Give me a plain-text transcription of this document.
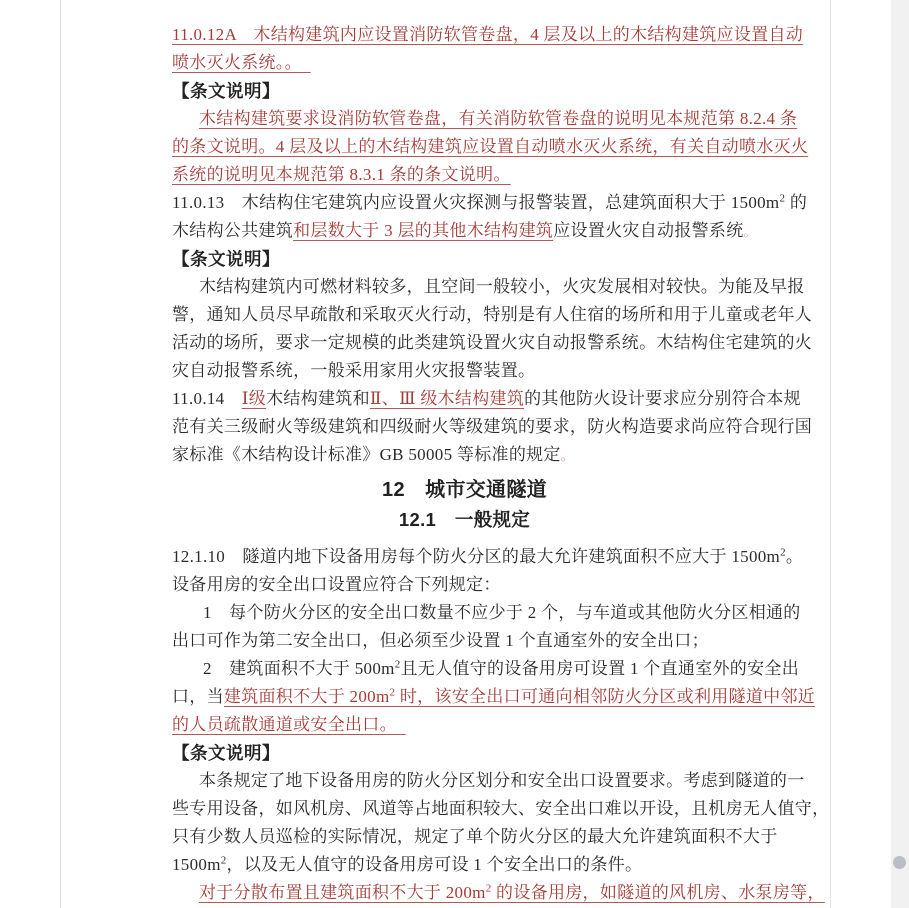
11.0.12A　木结构建筑内应设置消防软管卷盘，4 层及以上的木结构建筑应设置自动
喷水灭火系统。。　
【条文说明】
木结构建筑要求设消防软管卷盘，有关消防软管卷盘的说明见本规范第 8.2.4 条
的条文说明。4 层及以上的木结构建筑应设置自动喷水灭火系统，有关自动喷水灭火
系统的说明见本规范第 8.3.1 条的条文说明。
11.0.13　木结构住宅建筑内应设置火灾探测与报警装置，总建筑面积大于 $1500m^2$ 的
木结构公共建筑和层数大于 3 层的其他木结构建筑应设置火灾自动报警系统。
【条文说明】
木结构建筑内可燃材料较多，且空间一般较小，火灾发展相对较快。为能及早报
警，通知人员尽早疏散和采取灭火行动，特别是有人住宿的场所和用于儿童或老年人
活动的场所，要求一定规模的此类建筑设置火灾自动报警系统。木结构住宅建筑的火
灾自动报警系统，一般采用家用火灾报警装置。
11.0.14　Ⅰ级木结构建筑和Ⅱ、Ⅲ 级木结构建筑的其他防火设计要求应分别符合本规
范有关三级耐火等级建筑和四级耐火等级建筑的要求，防火构造要求尚应符合现行国
家标准《木结构设计标准》GB 50005 等标准的规定。
12　城市交通隧道
12.1　一般规定
12.1.10　隧道内地下设备用房每个防火分区的最大允许建筑面积不应大于 $1500m^2$。
设备用房的安全出口设置应符合下列规定：
1　每个防火分区的安全出口数量不应少于 2 个，与车道或其他防火分区相通的
出口可作为第二安全出口，但必须至少设置 1 个直通室外的安全出口；
2　建筑面积不大于 $500m^2$且无人值守的设备用房可设置 1 个直通室外的安全出
口，当建筑面积不大于 $200m^2$ 时，该安全出口可通向相邻防火分区或利用隧道中邻近
的人员疏散通道或安全出口。　
【条文说明】
本条规定了地下设备用房的防火分区划分和安全出口设置要求。考虑到隧道的一
些专用设备，如风机房、风道等占地面积较大、安全出口难以开设，且机房无人值守，
只有少数人员巡检的实际情况，规定了单个防火分区的最大允许建筑面积不大于
$1500m^2$，以及无人值守的设备用房可设 1 个安全出口的条件。
对于分散布置且建筑面积不大于 $200m^2$ 的设备用房，如隧道的风机房、水泵房等，
